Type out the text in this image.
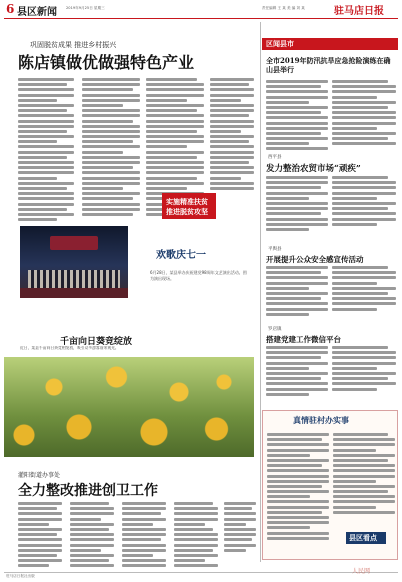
6 县区新闻	2019年9月25日 星期三	责任编辑 王 某 美 编 刘 某	驻马店日报
巩固脱贫成果 推进乡村振兴
陈店镇做优做强特色产业
实施精准扶贫
推进脱贫攻坚
欢歌庆七一
6月28日，某县举办庆祝建党98周年文艺演出活动。图为演出现场。
千亩向日葵竞绽放
近日，某县千亩向日葵竞相绽放，吸引众多游客前来观光。
灌阳街道办事处
全力整改推进创卫工作
驻马店日报社出版
区闻县市
全市2019年防汛抗旱应急抢险演练在确山县举行
西平县
发力整治农贸市场“顽疾”
平舆县
开展提升公众安全感宣传活动
罗店镇
搭建党建工作微信平台
真情驻村办实事
县区看点
人民网
